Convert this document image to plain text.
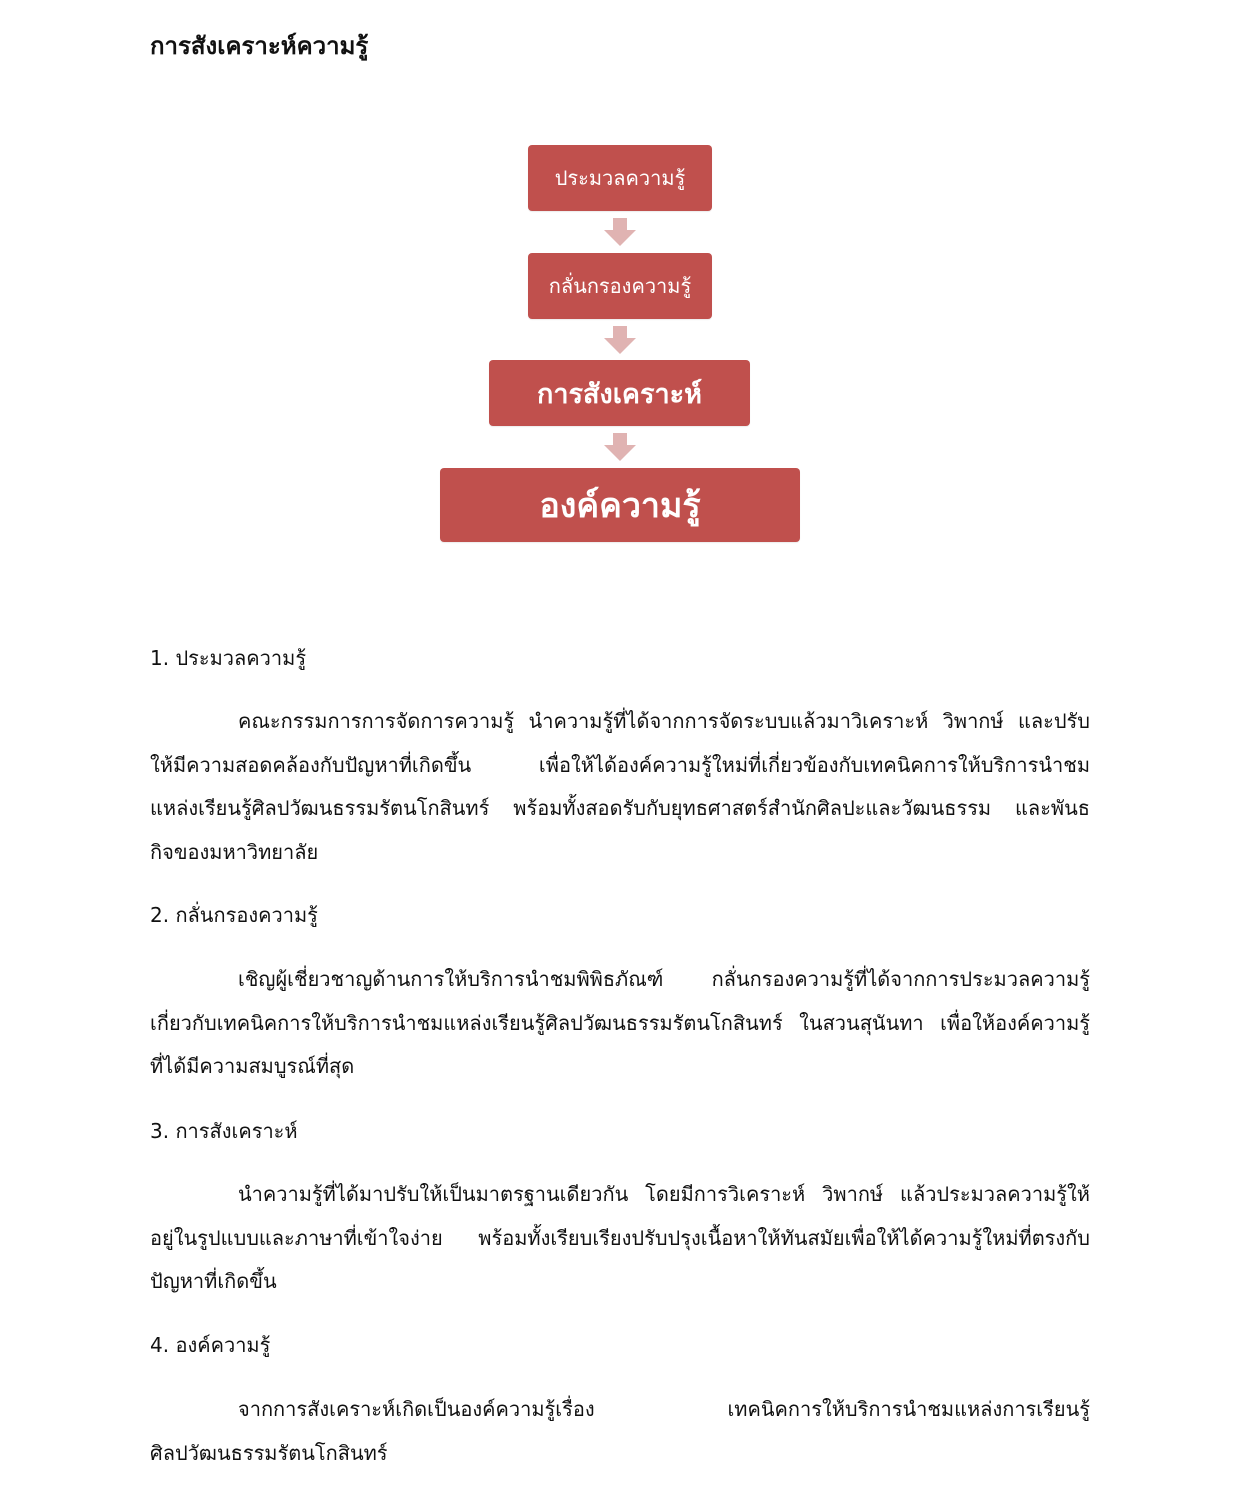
การสังเคราะห์ความรู้
ประมวลความรู้
กลั่นกรองความรู้
การสังเคราะห์
องค์ความรู้
1. ประมวลความรู้

คณะกรรมการการจัดการความรู้ นำความรู้ที่ได้จากการจัดระบบแล้วมาวิเคราะห์ วิพากษ์ และปรับ
ให้มีความสอดคล้องกับปัญหาที่เกิดขึ้น เพื่อให้ได้องค์ความรู้ใหม่ที่เกี่ยวข้องกับเทคนิคการให้บริการนำชม
แหล่งเรียนรู้ศิลปวัฒนธรรมรัตนโกสินทร์ พร้อมทั้งสอดรับกับยุทธศาสตร์สำนักศิลปะและวัฒนธรรม และพันธ
กิจของมหาวิทยาลัย

2. กลั่นกรองความรู้

เชิญผู้เชี่ยวชาญด้านการให้บริการนำชมพิพิธภัณฑ์ กลั่นกรองความรู้ที่ได้จากการประมวลความรู้
เกี่ยวกับเทคนิคการให้บริการนำชมแหล่งเรียนรู้ศิลปวัฒนธรรมรัตนโกสินทร์ ในสวนสุนันทา เพื่อให้องค์ความรู้
ที่ได้มีความสมบูรณ์ที่สุด

3. การสังเคราะห์

นำความรู้ที่ได้มาปรับให้เป็นมาตรฐานเดียวกัน โดยมีการวิเคราะห์ วิพากษ์ แล้วประมวลความรู้ให้
อยู่ในรูปแบบและภาษาที่เข้าใจง่าย พร้อมทั้งเรียบเรียงปรับปรุงเนื้อหาให้ทันสมัยเพื่อให้ได้ความรู้ใหม่ที่ตรงกับ
ปัญหาที่เกิดขึ้น

4. องค์ความรู้

จากการสังเคราะห์เกิดเป็นองค์ความรู้เรื่อง เทคนิคการให้บริการนำชมแหล่งการเรียนรู้
ศิลปวัฒนธรรมรัตนโกสินทร์
